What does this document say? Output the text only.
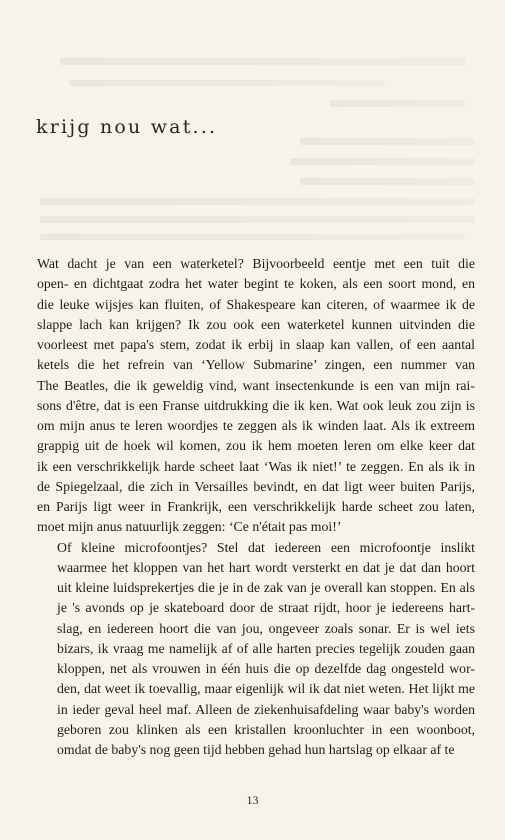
krijg nou wat...

Wat dacht je van een waterketel? Bijvoorbeeld eentje met een tuit die
open- en dichtgaat zodra het water begint te koken, als een soort mond, en
die leuke wijsjes kan fluiten, of Shakespeare kan citeren, of waarmee ik de
slappe lach kan krijgen? Ik zou ook een waterketel kunnen uitvinden die
voorleest met papa's stem, zodat ik erbij in slaap kan vallen, of een aantal
ketels die het refrein van ‘Yellow Submarine’ zingen, een nummer van
The Beatles, die ik geweldig vind, want insectenkunde is een van mijn rai-
sons d'être, dat is een Franse uitdrukking die ik ken. Wat ook leuk zou zijn is
om mijn anus te leren woordjes te zeggen als ik winden laat. Als ik extreem
grappig uit de hoek wil komen, zou ik hem moeten leren om elke keer dat
ik een verschrikkelijk harde scheet laat ‘Was ik niet!’ te zeggen. En als ik in
de Spiegelzaal, die zich in Versailles bevindt, en dat ligt weer buiten Parijs,
en Parijs ligt weer in Frankrijk, een verschrikkelijk harde scheet zou laten,
moet mijn anus natuurlijk zeggen: ‘Ce n'était pas moi!’

Of kleine microfoontjes? Stel dat iedereen een microfoontje inslikt
waarmee het kloppen van het hart wordt versterkt en dat je dat dan hoort
uit kleine luidsprekertjes die je in de zak van je overall kan stoppen. En als
je 's avonds op je skateboard door de straat rijdt, hoor je iedereens hart-
slag, en iedereen hoort die van jou, ongeveer zoals sonar. Er is wel iets
bizars, ik vraag me namelijk af of alle harten precies tegelijk zouden gaan
kloppen, net als vrouwen in één huis die op dezelfde dag ongesteld wor-
den, dat weet ik toevallig, maar eigenlijk wil ik dat niet weten. Het lijkt me
in ieder geval heel maf. Alleen de ziekenhuisafdeling waar baby's worden
geboren zou klinken als een kristallen kroonluchter in een woonboot,
omdat de baby's nog geen tijd hebben gehad hun hartslag op elkaar af te

13
